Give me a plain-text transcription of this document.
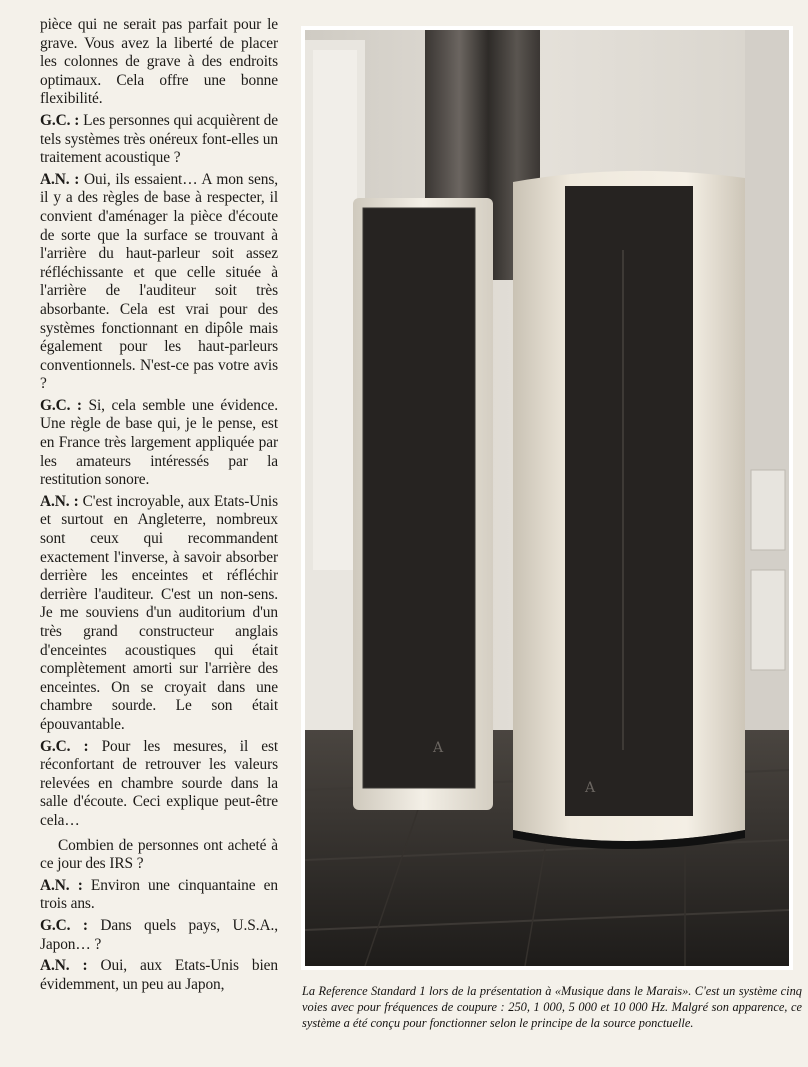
pièce qui ne serait pas parfait pour le grave. Vous avez la liberté de placer les colonnes de grave à des endroits optimaux. Cela offre une bonne flexibilité.

G.C. : Les personnes qui acquièrent de tels systèmes très onéreux font-elles un traitement acoustique ?

A.N. : Oui, ils essaient… A mon sens, il y a des règles de base à respecter, il convient d'aménager la pièce d'écoute de sorte que la surface se trouvant à l'arrière du haut-parleur soit assez réfléchissante et que celle située à l'arrière de l'auditeur soit très absorbante. Cela est vrai pour des systèmes fonctionnant en dipôle mais également pour les haut-parleurs conventionnels. N'est-ce pas votre avis ?

G.C. : Si, cela semble une évidence. Une règle de base qui, je le pense, est en France très largement appliquée par les amateurs intéressés par la restitution sonore.

A.N. : C'est incroyable, aux Etats-Unis et surtout en Angleterre, nombreux sont ceux qui recommandent exactement l'inverse, à savoir absorber derrière les enceintes et réfléchir derrière l'auditeur. C'est un non-sens. Je me souviens d'un auditorium d'un très grand constructeur anglais d'enceintes acoustiques qui était complètement amorti sur l'arrière des enceintes. On se croyait dans une chambre sourde. Le son était épouvantable.

G.C. : Pour les mesures, il est réconfortant de retrouver les valeurs relevées en chambre sourde dans la salle d'écoute. Ceci explique peut-être cela…

Combien de personnes ont acheté à ce jour des IRS ?

A.N. : Environ une cinquantaine en trois ans.

G.C. : Dans quels pays, U.S.A., Japon… ?

A.N. : Oui, aux Etats-Unis bien évidemment, un peu au Japon,

A
A

La Reference Standard 1 lors de la présentation à «Musique dans le Marais». C'est un système cinq voies avec pour fréquences de coupure : 250, 1 000, 5 000 et 10 000 Hz. Malgré son apparence, ce système a été conçu pour fonctionner selon le principe de la source ponctuelle.
